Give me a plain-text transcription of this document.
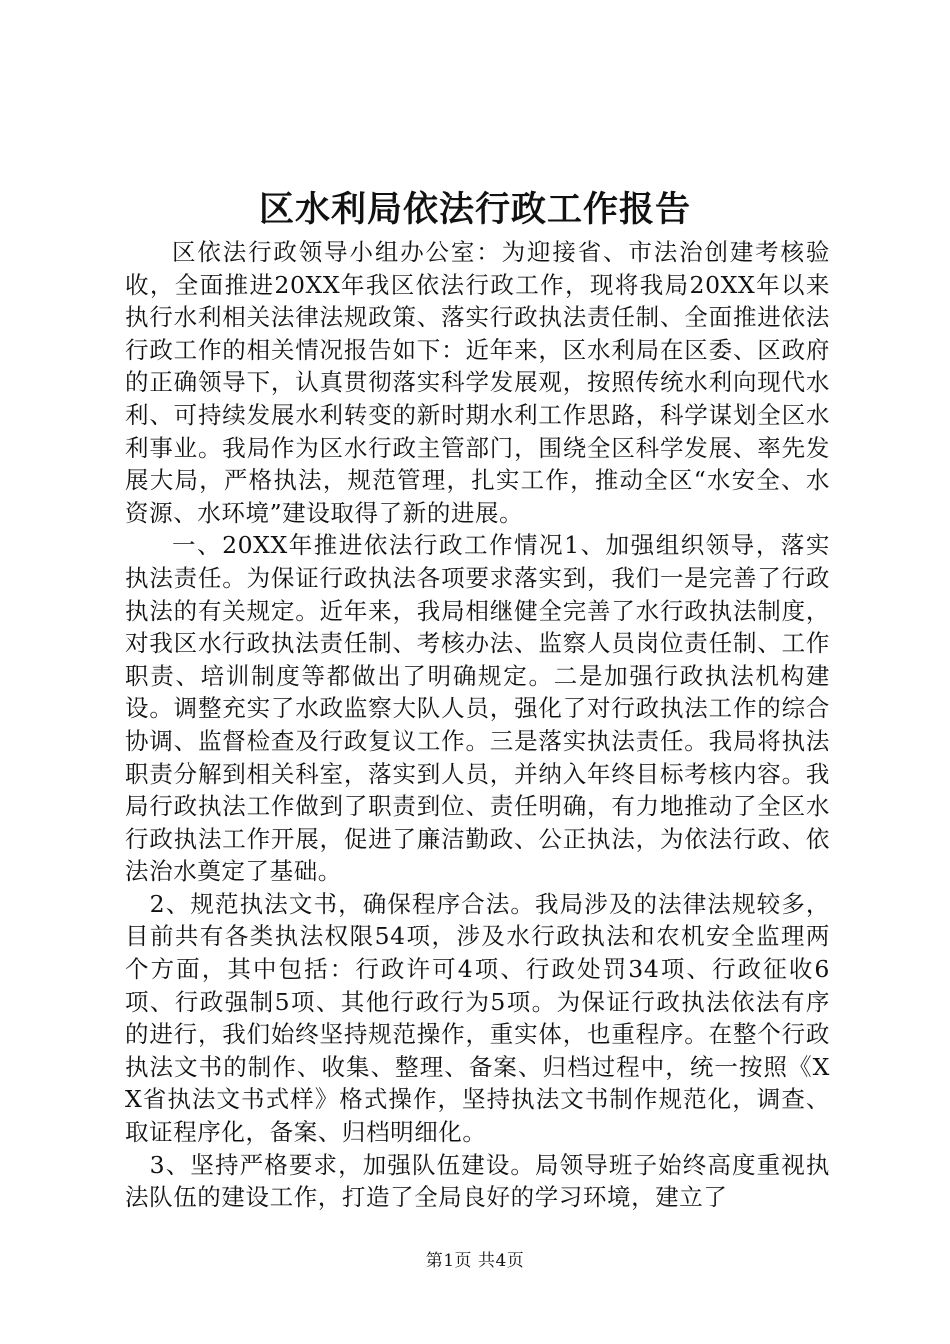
区水利局依法行政工作报告

区依法行政领导小组办公室：为迎接省、市法治创建考核验收，全面推进20XX年我区依法行政工作，现将我局20XX年以来执行水利相关法律法规政策、落实行政执法责任制、全面推进依法行政工作的相关情况报告如下：近年来，区水利局在区委、区政府的正确领导下，认真贯彻落实科学发展观，按照传统水利向现代水利、可持续发展水利转变的新时期水利工作思路，科学谋划全区水利事业。我局作为区水行政主管部门，围绕全区科学发展、率先发展大局，严格执法，规范管理，扎实工作，推动全区“水安全、水资源、水环境”建设取得了新的进展。

一、20XX年推进依法行政工作情况1、加强组织领导，落实执法责任。为保证行政执法各项要求落实到，我们一是完善了行政执法的有关规定。近年来，我局相继健全完善了水行政执法制度，对我区水行政执法责任制、考核办法、监察人员岗位责任制、工作职责、培训制度等都做出了明确规定。二是加强行政执法机构建设。调整充实了水政监察大队人员，强化了对行政执法工作的综合协调、监督检查及行政复议工作。三是落实执法责任。我局将执法职责分解到相关科室，落实到人员，并纳入年终目标考核内容。我局行政执法工作做到了职责到位、责任明确，有力地推动了全区水行政执法工作开展，促进了廉洁勤政、公正执法，为依法行政、依法治水奠定了基础。

2、规范执法文书，确保程序合法。我局涉及的法律法规较多，目前共有各类执法权限54项，涉及水行政执法和农机安全监理两个方面，其中包括：行政许可4项、行政处罚34项、行政征收6项、行政强制5项、其他行政行为5项。为保证行政执法依法有序的进行，我们始终坚持规范操作，重实体，也重程序。在整个行政执法文书的制作、收集、整理、备案、归档过程中，统一按照《XX省执法文书式样》格式操作，坚持执法文书制作规范化，调查、取证程序化，备案、归档明细化。

3、坚持严格要求，加强队伍建设。局领导班子始终高度重视执法队伍的建设工作，打造了全局良好的学习环境，建立了

第1页 共4页
